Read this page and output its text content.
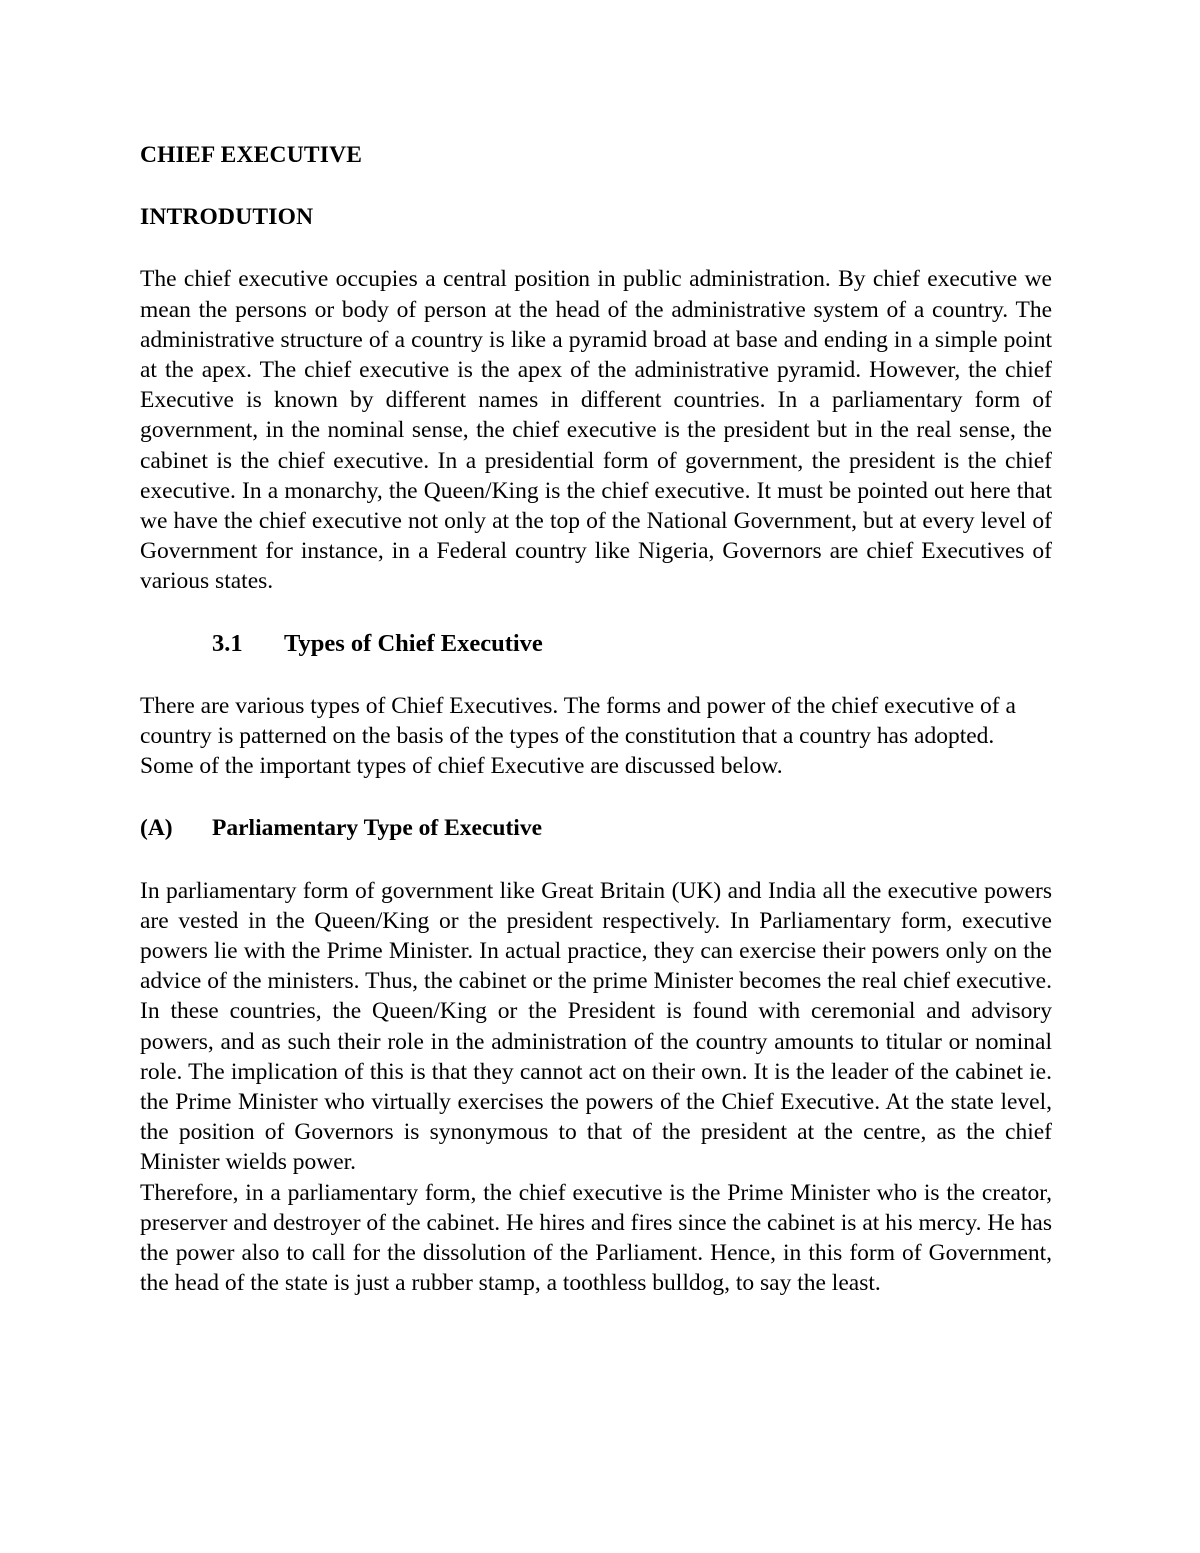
CHIEF EXECUTIVE
INTRODUTION

The chief executive occupies a central position in public administration. By chief executive we mean the persons or body of person at the head of the administrative system of a country. The administrative structure of a country is like a pyramid broad at base and ending in a simple point at the apex. The chief executive is the apex of the administrative pyramid. However, the chief Executive is known by different names in different countries. In a parliamentary form of government, in the nominal sense, the chief executive is the president but in the real sense, the cabinet is the chief executive. In a presidential form of government, the president is the chief executive. In a monarchy, the Queen/King is the chief executive. It must be pointed out here that we have the chief executive not only at the top of the National Government, but at every level of Government for instance, in a Federal country like Nigeria, Governors are chief Executives of various states.

3.1	Types of Chief Executive

There are various types of Chief Executives. The forms and power of the chief executive of a country is patterned on the basis of the types of the constitution that a country has adopted. Some of the important types of chief Executive are discussed below.

(A)	Parliamentary Type of Executive

In parliamentary form of government like Great Britain (UK) and India all the executive powers are vested in the Queen/King or the president respectively. In Parliamentary form, executive powers lie with the Prime Minister. In actual practice, they can exercise their powers only on the advice of the ministers. Thus, the cabinet or the prime Minister becomes the real chief executive. In these countries, the Queen/King or the President is found with ceremonial and advisory powers, and as such their role in the administration of the country amounts to titular or nominal role. The implication of this is that they cannot act on their own. It is the leader of the cabinet ie. the Prime Minister who virtually exercises the powers of the Chief Executive. At the state level, the position of Governors is synonymous to that of the president at the centre, as the chief Minister wields power.

Therefore, in a parliamentary form, the chief executive is the Prime Minister who is the creator, preserver and destroyer of the cabinet. He hires and fires since the cabinet is at his mercy. He has the power also to call for the dissolution of the Parliament. Hence, in this form of Government, the head of the state is just a rubber stamp, a toothless bulldog, to say the least.
